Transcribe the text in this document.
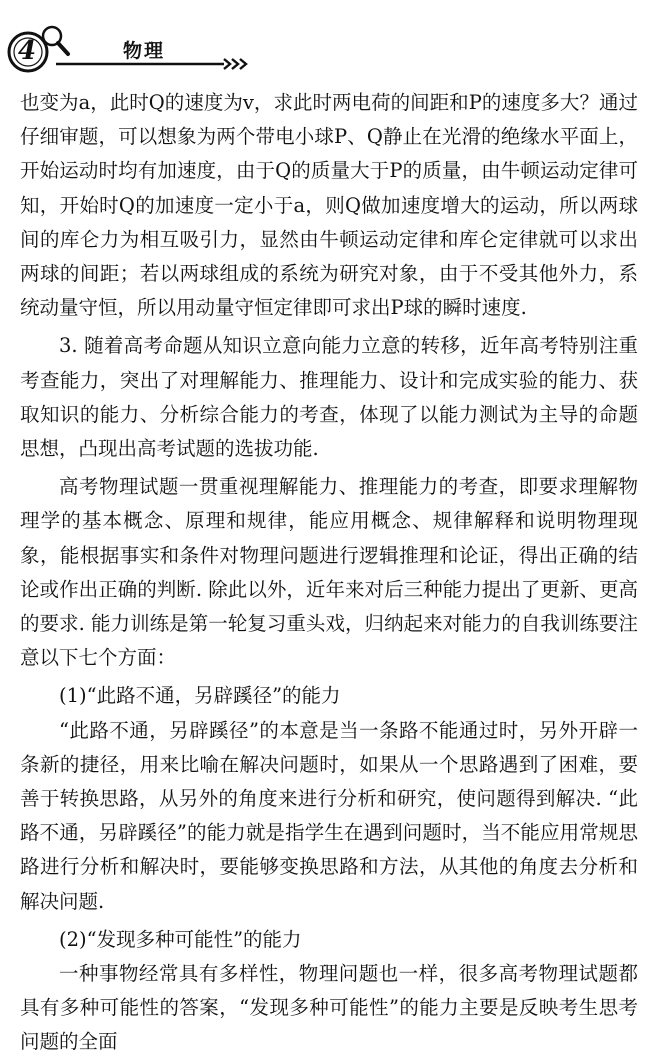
4	物理

也变为a，此时Q的速度为v，求此时两电荷的间距和P的速度多大？通过仔细审题，可以想象为两个带电小球P、Q静止在光滑的绝缘水平面上，开始运动时均有加速度，由于Q的质量大于P的质量，由牛顿运动定律可知，开始时Q的加速度一定小于a，则Q做加速度增大的运动，所以两球间的库仑力为相互吸引力，显然由牛顿运动定律和库仑定律就可以求出两球的间距；若以两球组成的系统为研究对象，由于不受其他外力，系统动量守恒，所以用动量守恒定律即可求出P球的瞬时速度.

3. 随着高考命题从知识立意向能力立意的转移，近年高考特别注重考查能力，突出了对理解能力、推理能力、设计和完成实验的能力、获取知识的能力、分析综合能力的考查，体现了以能力测试为主导的命题思想，凸现出高考试题的选拔功能.

高考物理试题一贯重视理解能力、推理能力的考查，即要求理解物理学的基本概念、原理和规律，能应用概念、规律解释和说明物理现象，能根据事实和条件对物理问题进行逻辑推理和论证，得出正确的结论或作出正确的判断. 除此以外，近年来对后三种能力提出了更新、更高的要求. 能力训练是第一轮复习重头戏，归纳起来对能力的自我训练要注意以下七个方面：

(1)“此路不通，另辟蹊径”的能力

“此路不通，另辟蹊径”的本意是当一条路不能通过时，另外开辟一条新的捷径，用来比喻在解决问题时，如果从一个思路遇到了困难，要善于转换思路，从另外的角度来进行分析和研究，使问题得到解决. “此路不通，另辟蹊径”的能力就是指学生在遇到问题时，当不能应用常规思路进行分析和解决时，要能够变换思路和方法，从其他的角度去分析和解决问题.

(2)“发现多种可能性”的能力

一种事物经常具有多样性，物理问题也一样，很多高考物理试题都具有多种可能性的答案，“发现多种可能性”的能力主要是反映考生思考问题的全面
